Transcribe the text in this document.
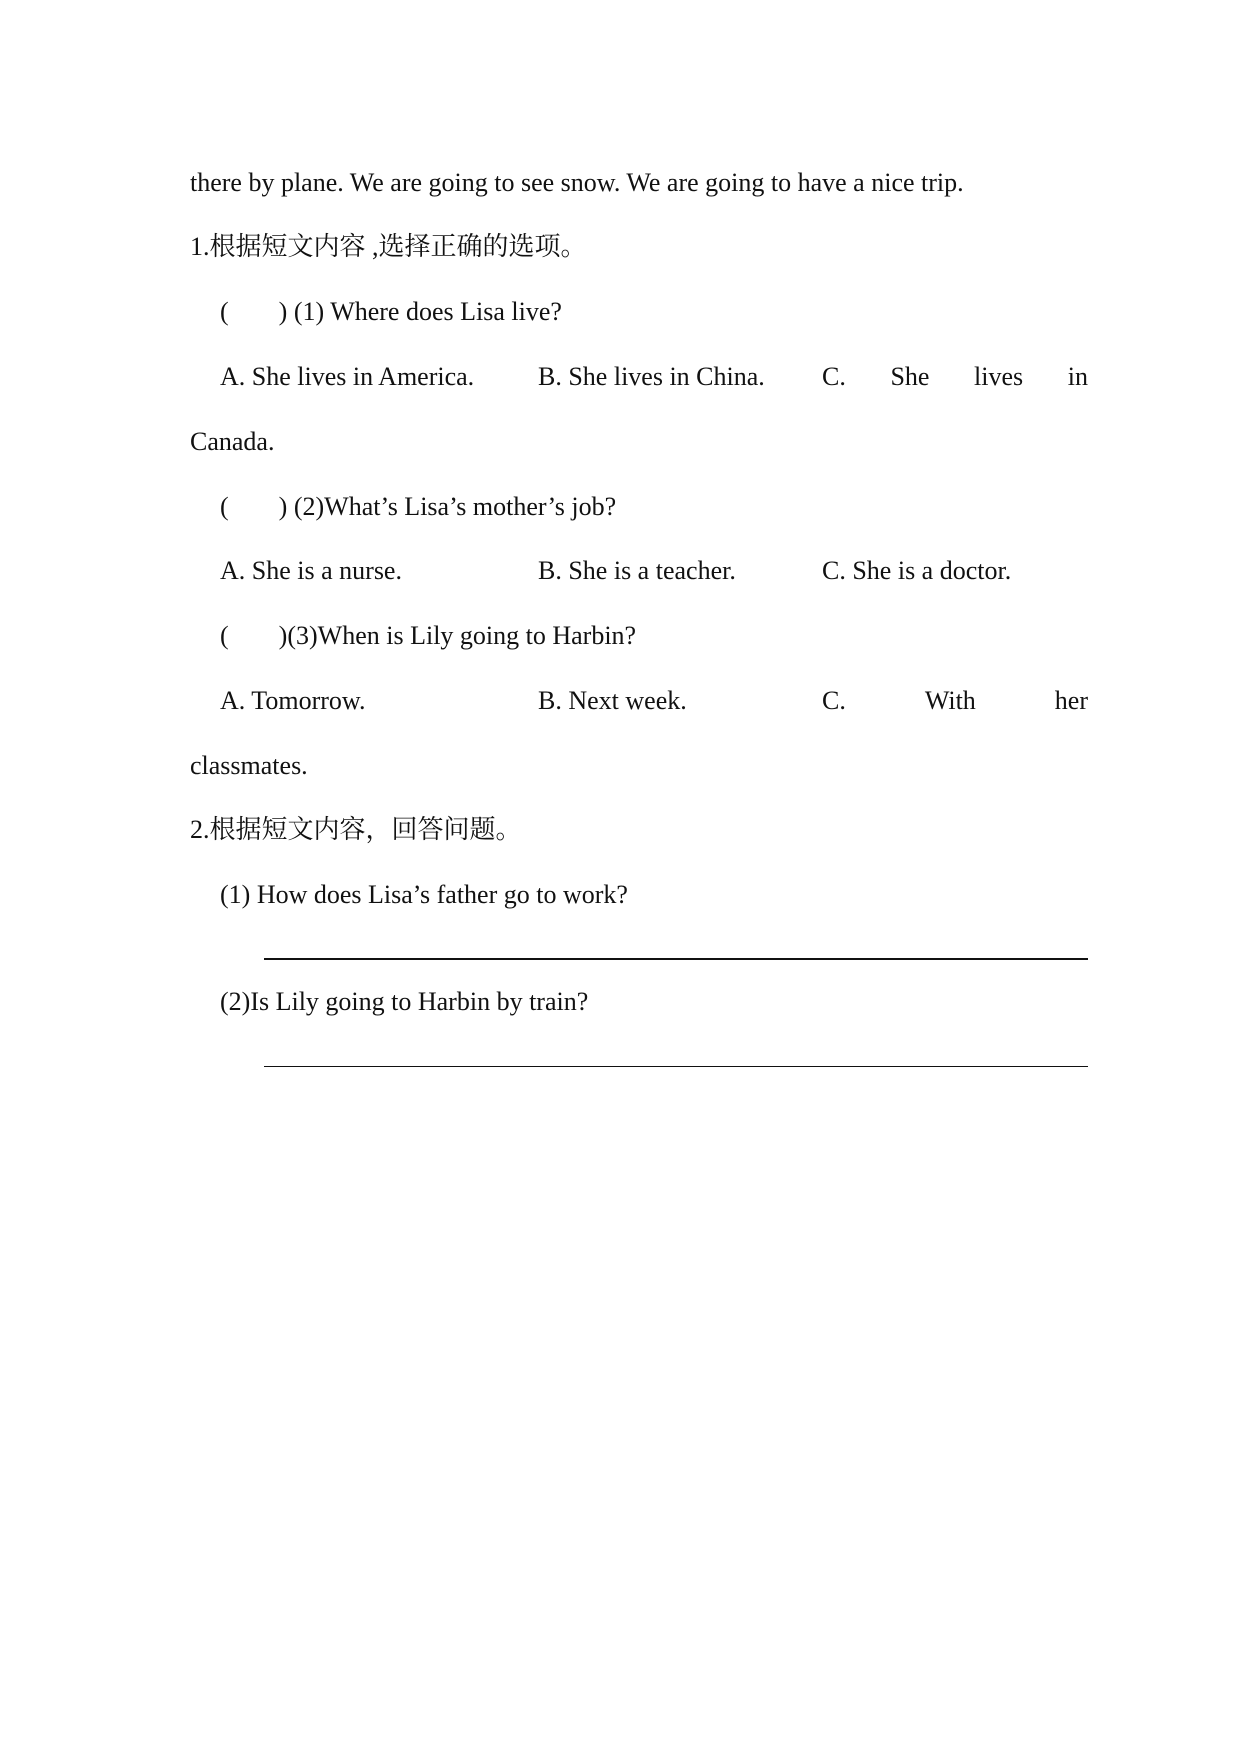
there by plane. We are going to see snow. We are going to have a nice trip.
1.根据短文内容 ,选择正确的选项。
( ) (1) Where does Lisa live?
A. She lives in America. B. She lives in China. C. She lives in
Canada.
( ) (2)What’s Lisa’s mother’s job?
A. She is a nurse.	B. She is a teacher.	C. She is a doctor.
( )(3)When is Lily going to Harbin?
A. Tomorrow.	B. Next week.	C.	With	her
classmates.
2.根据短文内容，回答问题。
(1) How does Lisa’s father go to work?
(2)Is Lily going to Harbin by train?
